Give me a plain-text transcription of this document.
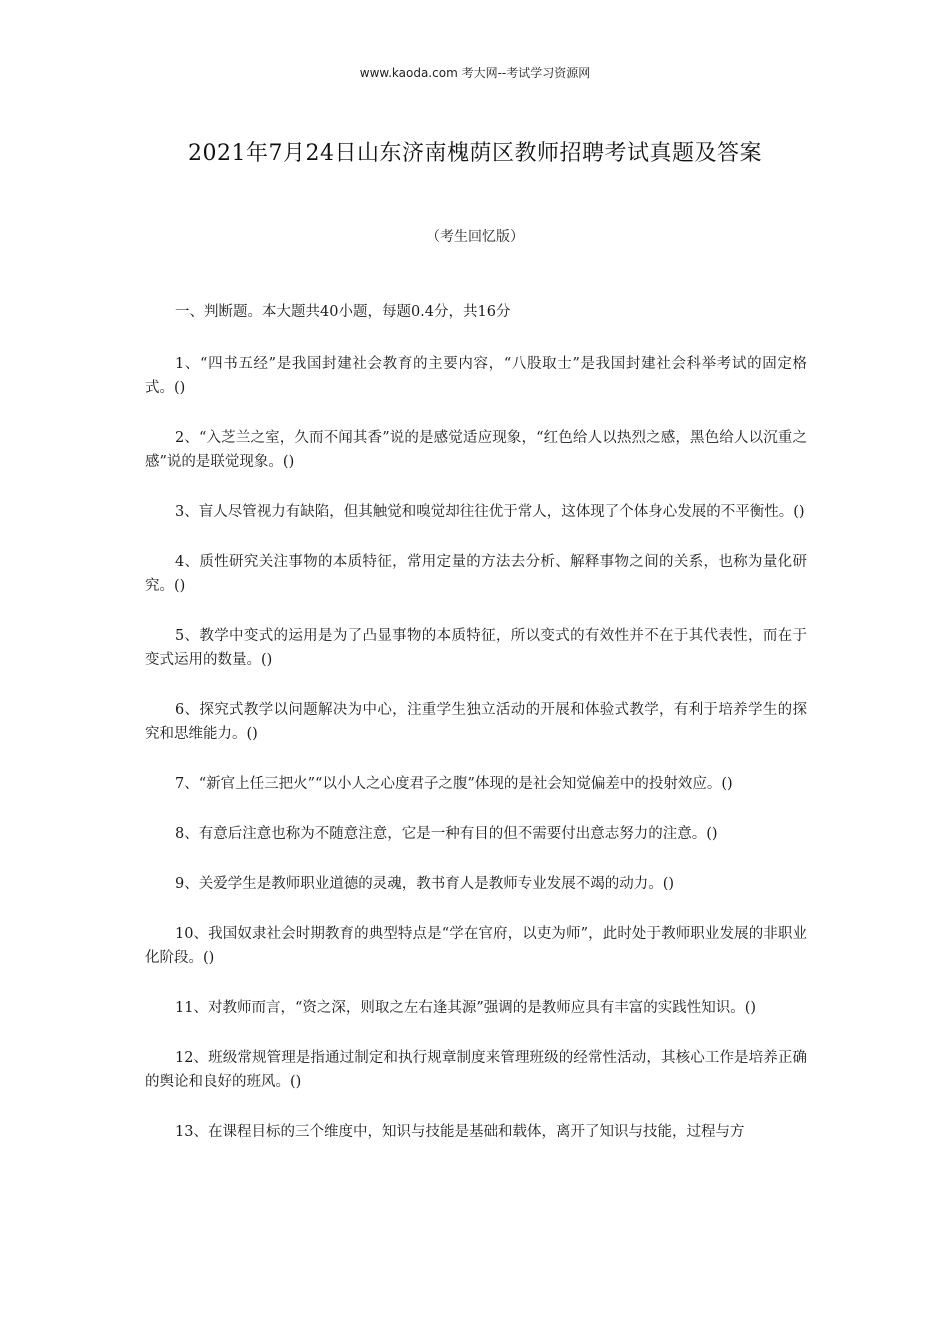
www.kaoda.com 考大网--考试学习资源网
2021年7月24日山东济南槐荫区教师招聘考试真题及答案
（考生回忆版）

一、判断题。本大题共40小题，每题0.4分，共16分

1、“四书五经”是我国封建社会教育的主要内容，“八股取士”是我国封建社会科举考试的固定格式。()

2、“入芝兰之室，久而不闻其香”说的是感觉适应现象，“红色给人以热烈之感，黑色给人以沉重之感”说的是联觉现象。()

3、盲人尽管视力有缺陷，但其触觉和嗅觉却往往优于常人，这体现了个体身心发展的不平衡性。()

4、质性研究关注事物的本质特征，常用定量的方法去分析、解释事物之间的关系，也称为量化研究。()

5、教学中变式的运用是为了凸显事物的本质特征，所以变式的有效性并不在于其代表性，而在于变式运用的数量。()

6、探究式教学以问题解决为中心，注重学生独立活动的开展和体验式教学，有利于培养学生的探究和思维能力。()

7、“新官上任三把火”“以小人之心度君子之腹”体现的是社会知觉偏差中的投射效应。()

8、有意后注意也称为不随意注意，它是一种有目的但不需要付出意志努力的注意。()

9、关爱学生是教师职业道德的灵魂，教书育人是教师专业发展不竭的动力。()

10、我国奴隶社会时期教育的典型特点是“学在官府，以吏为师”，此时处于教师职业发展的非职业化阶段。()

11、对教师而言，“资之深，则取之左右逢其源”强调的是教师应具有丰富的实践性知识。()

12、班级常规管理是指通过制定和执行规章制度来管理班级的经常性活动，其核心工作是培养正确的舆论和良好的班风。()

13、在课程目标的三个维度中，知识与技能是基础和载体，离开了知识与技能，过程与方
